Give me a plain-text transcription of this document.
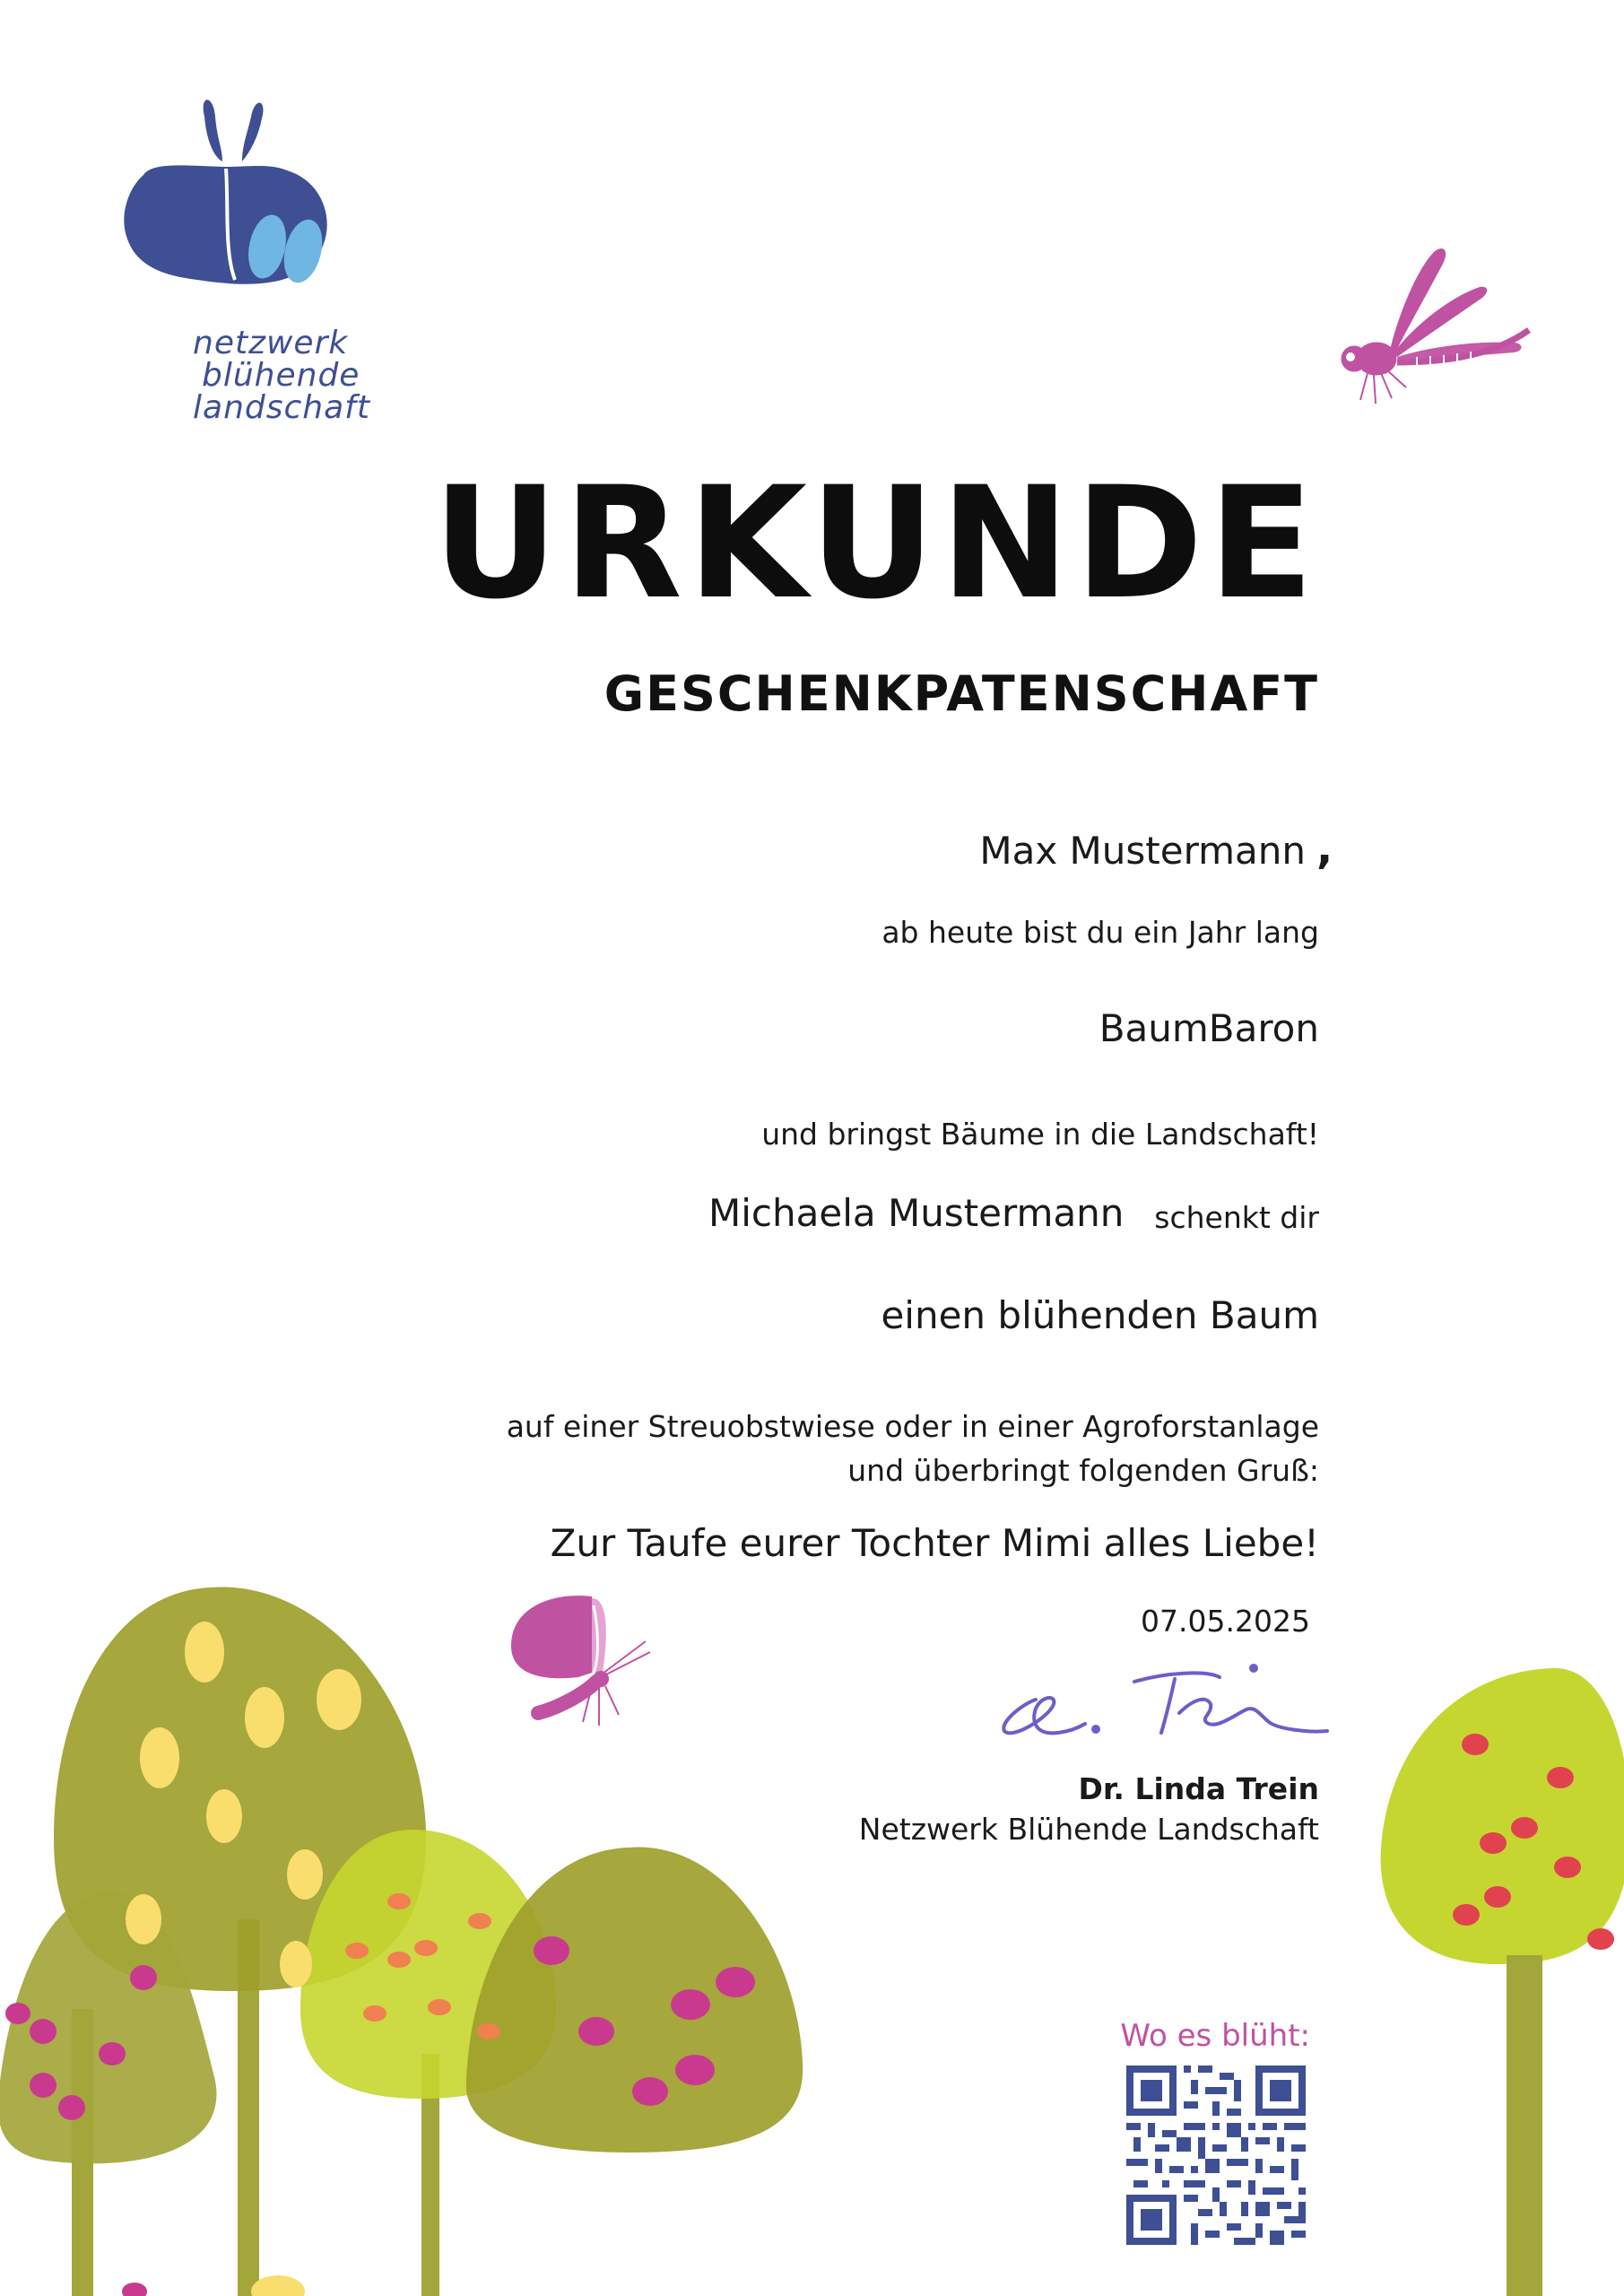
netzwerk
blühende
landschaft
URKUNDE
GESCHENKPATENSCHAFT
Max Mustermann ,
ab heute bist du ein Jahr lang
BaumBaron
und bringst Bäume in die Landschaft!
Michaela Mustermann schenkt dir
einen blühenden Baum
auf einer Streuobstwiese oder in einer Agroforstanlage
und überbringt folgenden Gruß:
Zur Taufe eurer Tochter Mimi alles Liebe!
07.05.2025
Dr. Linda Trein
Netzwerk Blühende Landschaft
Wo es blüht:
